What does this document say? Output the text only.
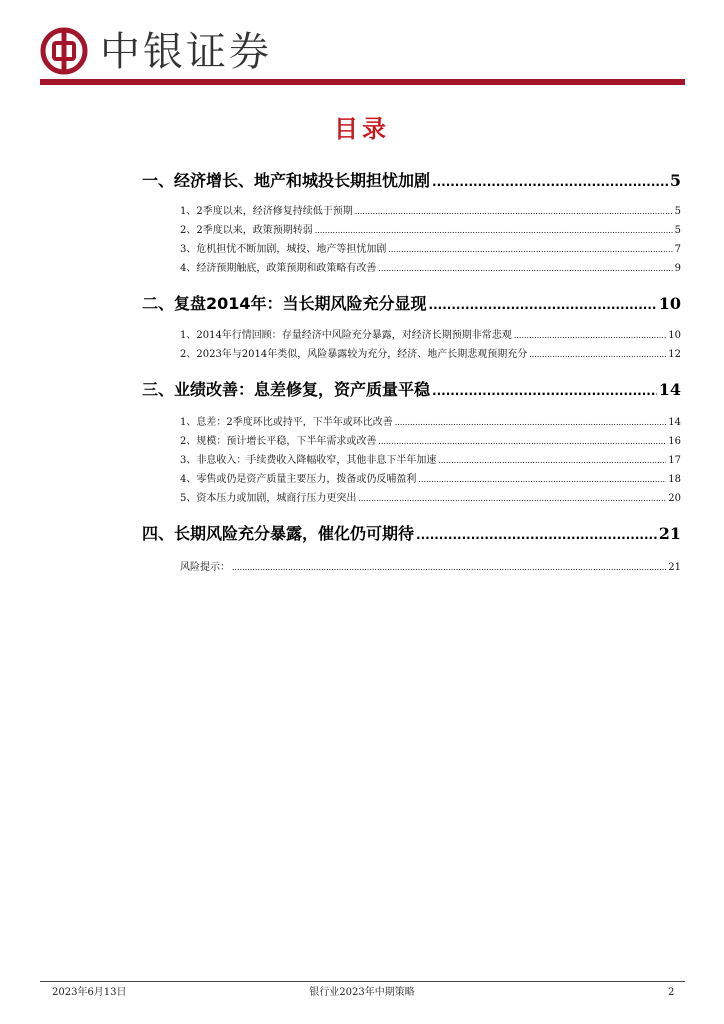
中银证券
目录
一、经济增长、地产和城投长期担忧加剧 .....	5
1、2季度以来，经济修复持续低于预期 .....	5
2、2季度以来，政策预期转弱 .....	5
3、危机担忧不断加剧，城投、地产等担忧加剧 .....	7
4、经济预期触底，政策预期和政策略有改善 .....	9
二、复盘2014年：当长期风险充分显现 .....	10
1、2014年行情回顾：存量经济中风险充分暴露，对经济长期预期非常悲观 .....	10
2、2023年与2014年类似，风险暴露较为充分，经济、地产长期悲观预期充分 .....	12
三、业绩改善：息差修复，资产质量平稳 .....	14
1、息差：2季度环比或持平，下半年或环比改善 .....	14
2、规模：预计增长平稳，下半年需求或改善 .....	16
3、非息收入：手续费收入降幅收窄，其他非息下半年加速 .....	17
4、零售或仍是资产质量主要压力，拨备或仍反哺盈利 .....	18
5、资本压力或加剧，城商行压力更突出 .....	20
四、长期风险充分暴露，催化仍可期待 .....	21
风险提示： .....	21
2023年6月13日	银行业2023年中期策略	2
